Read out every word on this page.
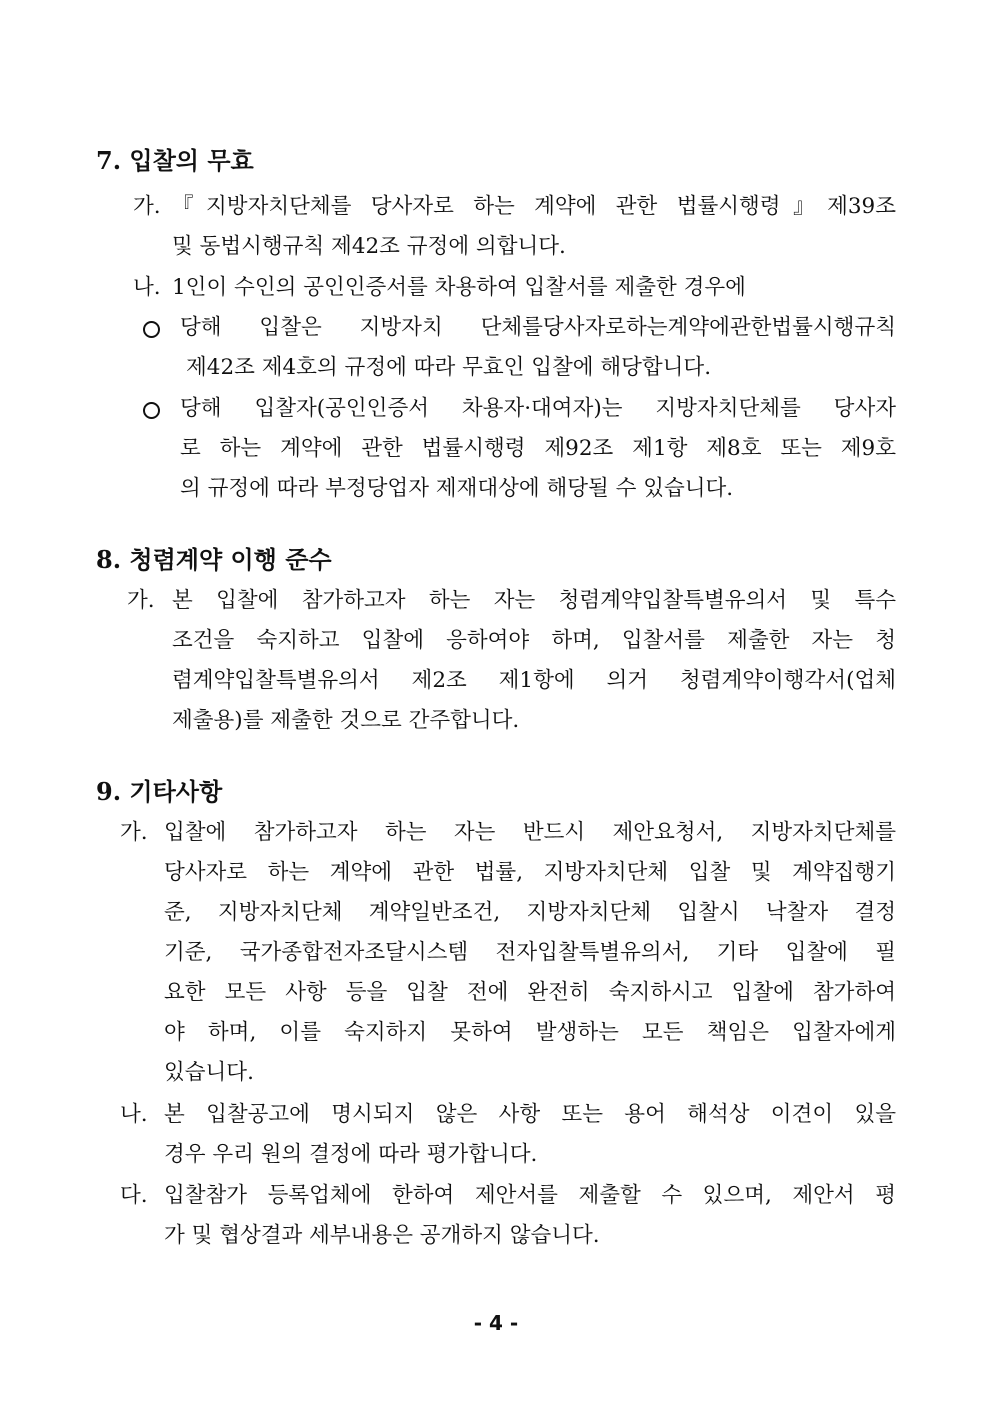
7. 입찰의 무효
가. 『지방자치단체를 당사자로 하는 계약에 관한 법률시행령』제39조
및 동법시행규칙 제42조 규정에 의합니다.
나. 1인이 수인의 공인인증서를 차용하여 입찰서를 제출한 경우에
당해 입찰은 지방자치 단체를당사자로하는계약에관한법률시행규칙
제42조 제4호의 규정에 따라 무효인 입찰에 해당합니다.
당해 입찰자(공인인증서 차용자·대여자)는 지방자치단체를 당사자
로 하는 계약에 관한 법률시행령 제92조 제1항 제8호 또는 제9호
의 규정에 따라 부정당업자 제재대상에 해당될 수 있습니다.
8. 청렴계약 이행 준수
가. 본 입찰에 참가하고자 하는 자는 청렴계약입찰특별유의서 및 특수
조건을 숙지하고 입찰에 응하여야 하며, 입찰서를 제출한 자는 청
렴계약입찰특별유의서 제2조 제1항에 의거 청렴계약이행각서(업체
제출용)를 제출한 것으로 간주합니다.
9. 기타사항
가. 입찰에 참가하고자 하는 자는 반드시 제안요청서, 지방자치단체를
당사자로 하는 계약에 관한 법률, 지방자치단체 입찰 및 계약집행기
준, 지방자치단체 계약일반조건, 지방자치단체 입찰시 낙찰자 결정
기준, 국가종합전자조달시스템 전자입찰특별유의서, 기타 입찰에 필
요한 모든 사항 등을 입찰 전에 완전히 숙지하시고 입찰에 참가하여
야 하며, 이를 숙지하지 못하여 발생하는 모든 책임은 입찰자에게
있습니다.
나. 본 입찰공고에 명시되지 않은 사항 또는 용어 해석상 이견이 있을
경우 우리 원의 결정에 따라 평가합니다.
다. 입찰참가 등록업체에 한하여 제안서를 제출할 수 있으며, 제안서 평
가 및 협상결과 세부내용은 공개하지 않습니다.
- 4 -
